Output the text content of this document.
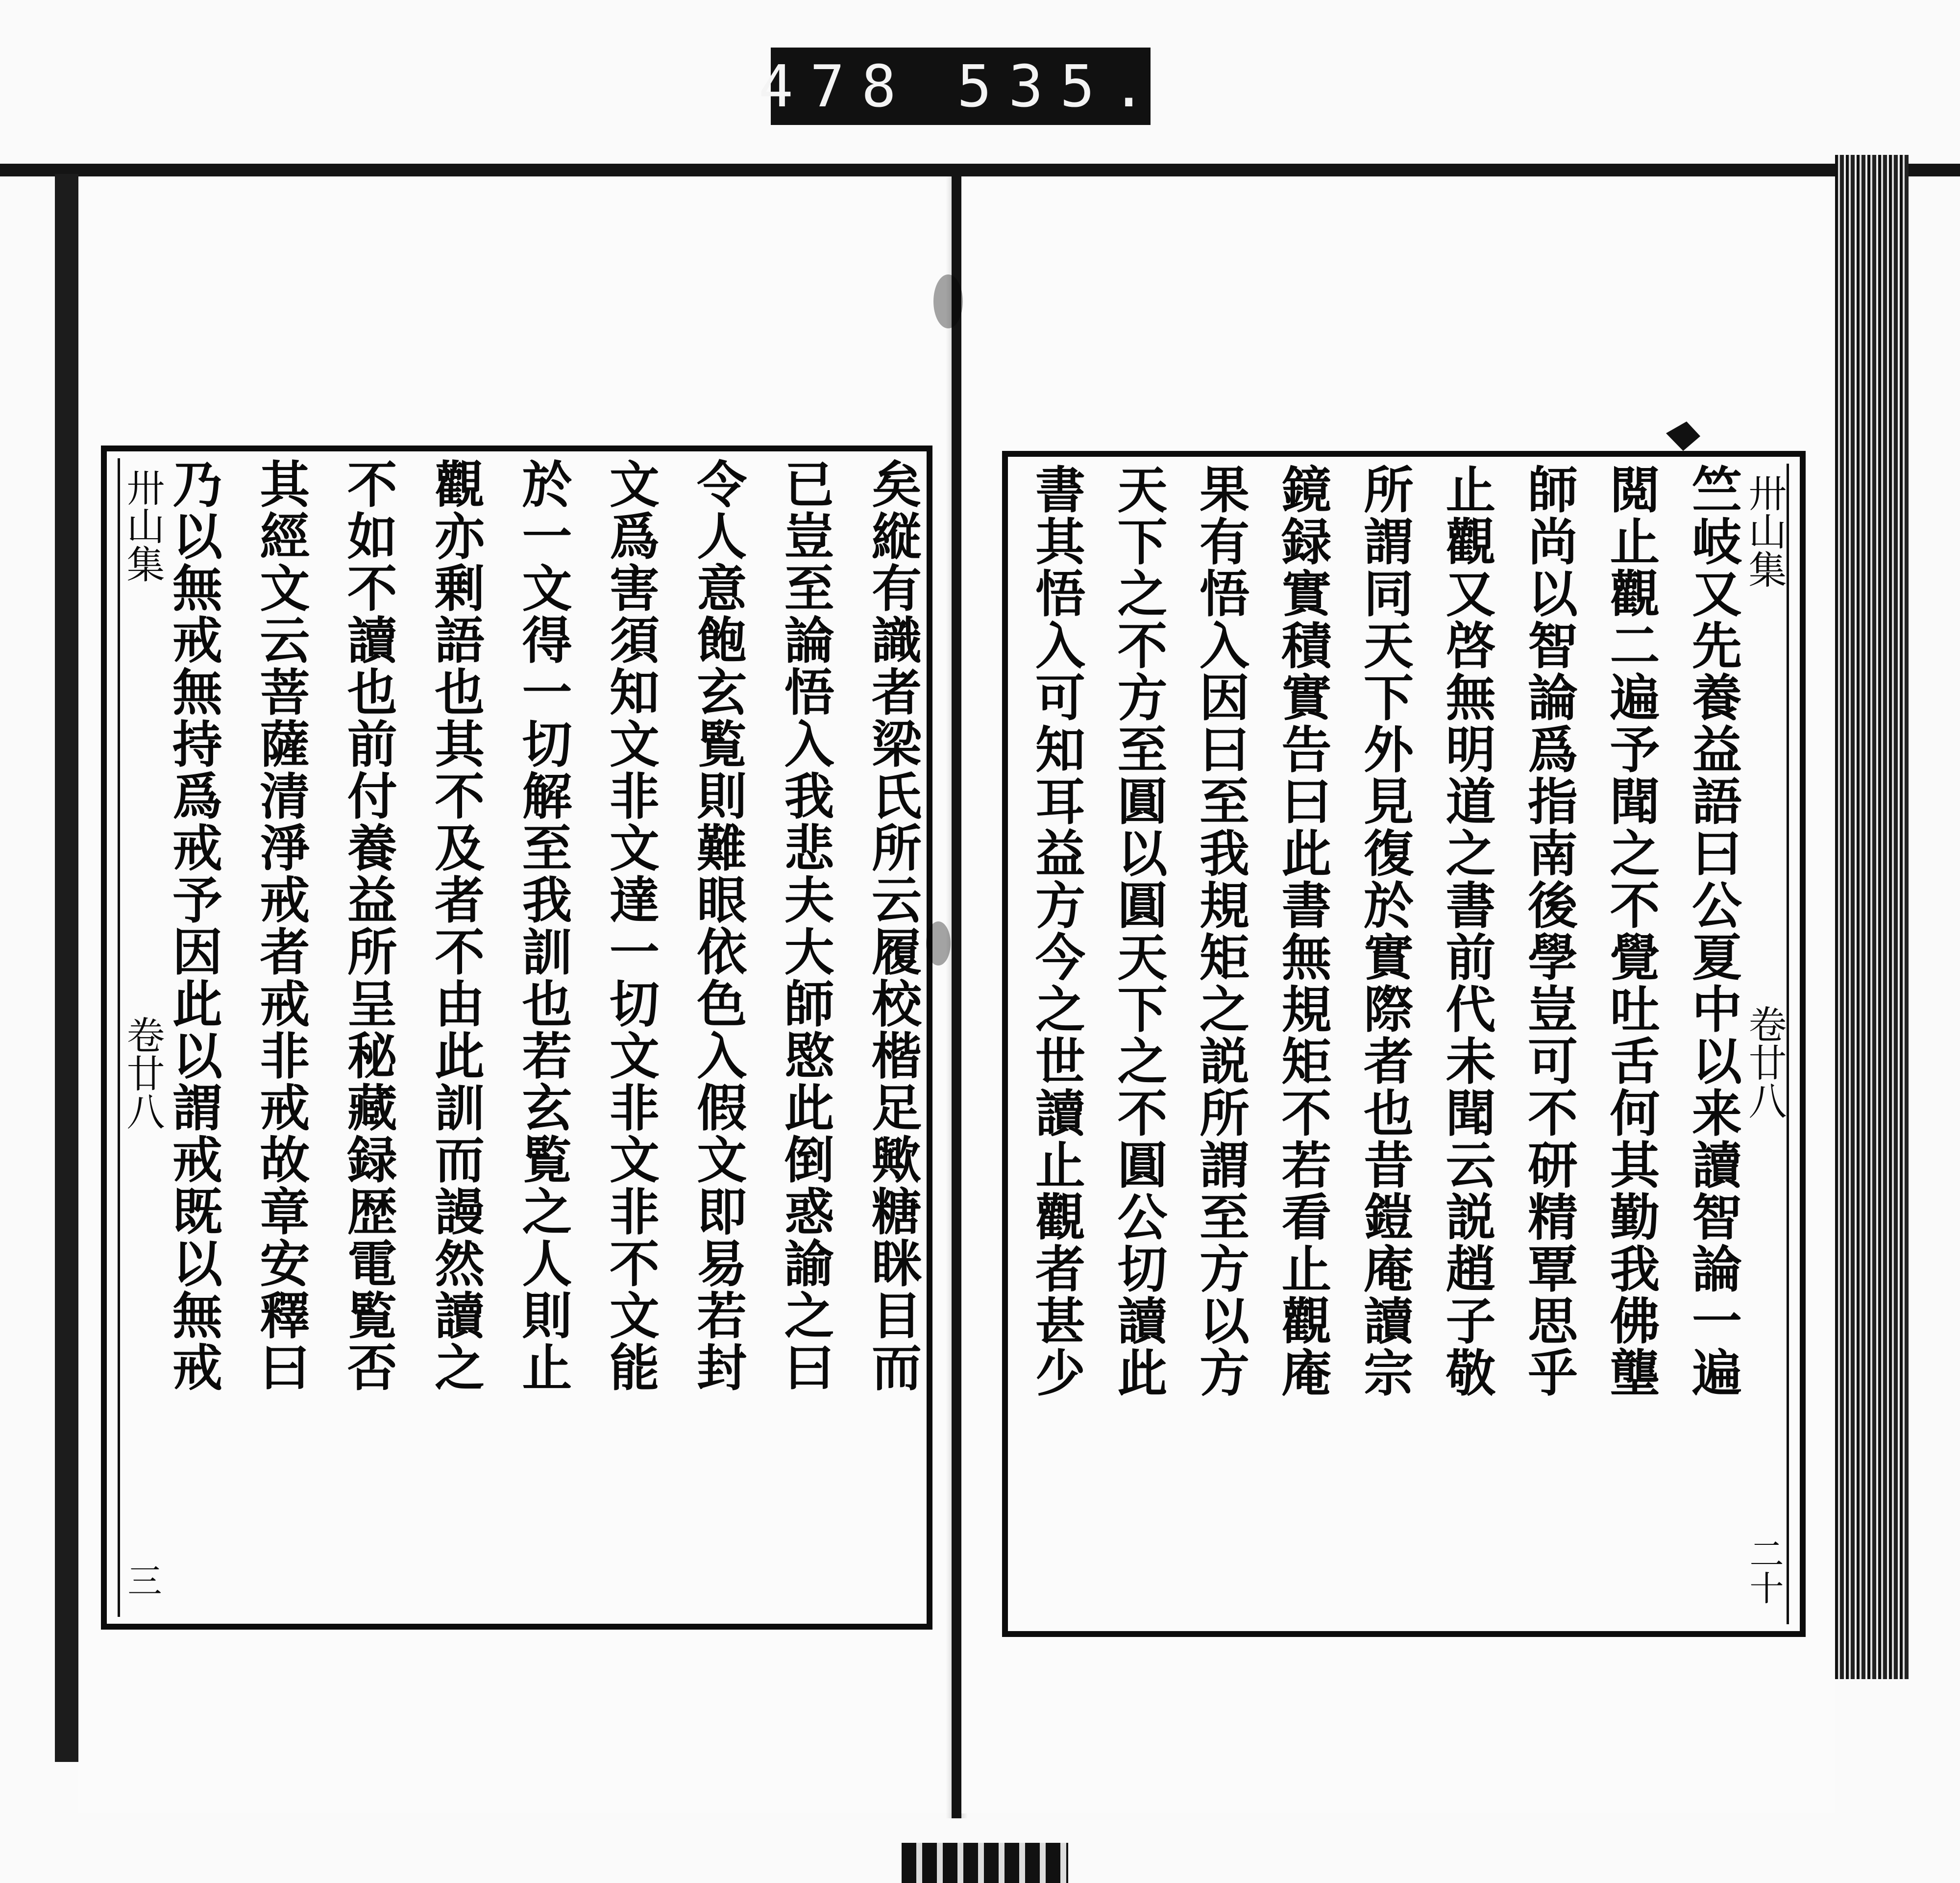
478 535.
矣縦有識者梁氏所云履校楷足歟糖眯目而
已豈至論悟入我悲夫大師愍此倒惑諭之曰
令人意飽玄覧則難眼依色入假文即易若封
文爲害須知文非文達一切文非文非不文能
於一文得一切解至我訓也若玄覧之人則止
觀亦剰語也其不及者不由此訓而謾然讀之
不如不讀也前付養益所呈秘藏録歴電覧否
其經文云菩薩清淨戒者戒非戒故章安釋曰
乃以無戒無持爲戒予因此以謂戒既以無戒
卅山集
卷廿八
三
卅山集
卷廿八
二十
竺岐又先養益語曰公夏中以来讀智論一遍
閲止觀二遍予聞之不覺吐舌何其勤我佛壟
師尚以智論爲指南後學豈可不研精覃思乎
止觀又啓無明道之書前代未聞云説趙子敬
所謂同天下外見復於實際者也昔鎧庵讀宗
鏡録實積實告曰此書無規矩不若看止觀庵
果有悟入因曰至我規矩之説所謂至方以方
天下之不方至圓以圓天下之不圓公切讀此
書其悟入可知耳益方今之世讀止觀者甚少
